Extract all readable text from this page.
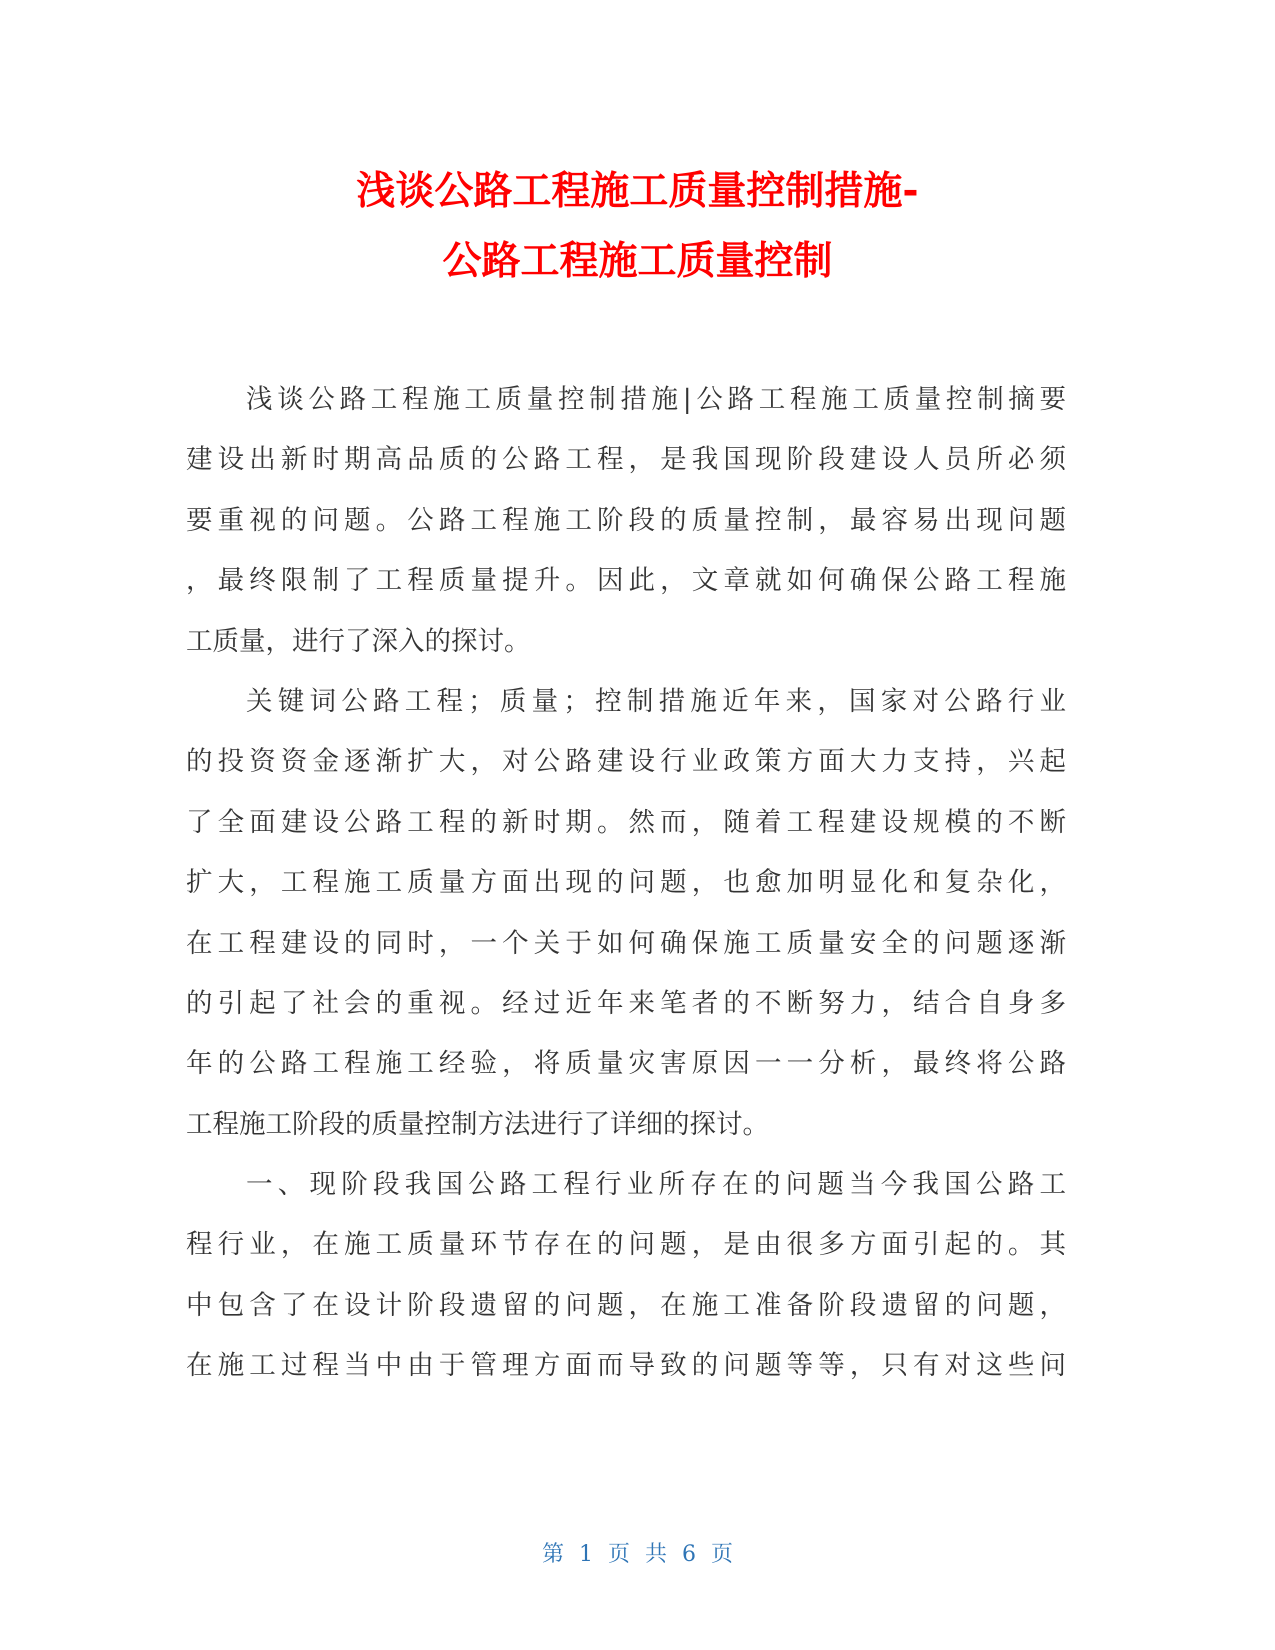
浅谈公路工程施工质量控制措施-
公路工程施工质量控制
浅谈公路工程施工质量控制措施|公路工程施工质量控制摘要
建设出新时期高品质的公路工程，是我国现阶段建设人员所必须
要重视的问题。公路工程施工阶段的质量控制，最容易出现问题
，最终限制了工程质量提升。因此，文章就如何确保公路工程施
工质量，进行了深入的探讨。
关键词公路工程；质量；控制措施近年来，国家对公路行业
的投资资金逐渐扩大，对公路建设行业政策方面大力支持，兴起
了全面建设公路工程的新时期。然而，随着工程建设规模的不断
扩大，工程施工质量方面出现的问题，也愈加明显化和复杂化，
在工程建设的同时，一个关于如何确保施工质量安全的问题逐渐
的引起了社会的重视。经过近年来笔者的不断努力，结合自身多
年的公路工程施工经验，将质量灾害原因一一分析，最终将公路
工程施工阶段的质量控制方法进行了详细的探讨。
一、现阶段我国公路工程行业所存在的问题当今我国公路工
程行业，在施工质量环节存在的问题，是由很多方面引起的。其
中包含了在设计阶段遗留的问题，在施工准备阶段遗留的问题，
在施工过程当中由于管理方面而导致的问题等等，只有对这些问
第 1 页 共 6 页
